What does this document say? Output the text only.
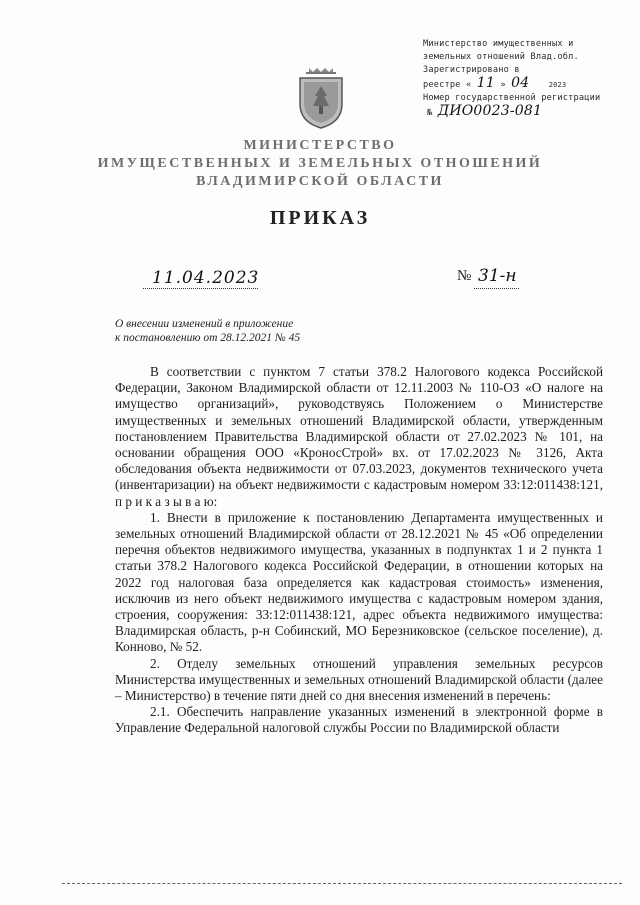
Министерство имущественных и
земельных отношений Влад.обл.
Зарегистрировано в
реестре « 11 » 04	2023
Номер государственной регистрации
№ ДИО0023-081
МИНИСТЕРСТВО
ИМУЩЕСТВЕННЫХ И ЗЕМЕЛЬНЫХ ОТНОШЕНИЙ
ВЛАДИМИРСКОЙ ОБЛАСТИ
ПРИКАЗ
11.04.2023	№ 31-н
О внесении изменений в приложение
к постановлению от 28.12.2021 № 45

В соответствии с пунктом 7 статьи 378.2 Налогового кодекса Российской Федерации, Законом Владимирской области от 12.11.2003 № 110-ОЗ «О налоге на имущество организаций», руководствуясь Положением о Министерстве имущественных и земельных отношений Владимирской области, утвержденным постановлением Правительства Владимирской области от 27.02.2023 № 101, на основании обращения ООО «КроносСтрой» вх. от 17.02.2023 № 3126, Акта обследования объекта недвижимости от 07.03.2023, документов технического учета (инвентаризации) на объект недвижимости с кадастровым номером 33:12:011438:121, п р и к а з ы в а ю:

1. Внести в приложение к постановлению Департамента имущественных и земельных отношений Владимирской области от 28.12.2021 № 45 «Об определении перечня объектов недвижимого имущества, указанных в подпунктах 1 и 2 пункта 1 статьи 378.2 Налогового кодекса Российской Федерации, в отношении которых на 2022 год налоговая база определяется как кадастровая стоимость» изменения, исключив из него объект недвижимого имущества с кадастровым номером здания, строения, сооружения: 33:12:011438:121, адрес объекта недвижимого имущества: Владимирская область, р-н Собинский, МО Березниковское (сельское поселение), д. Конново, № 52.

2. Отделу земельных отношений управления земельных ресурсов Министерства имущественных и земельных отношений Владимирской области (далее – Министерство) в течение пяти дней со дня внесения изменений в перечень:

2.1. Обеспечить направление указанных изменений в электронной форме в Управление Федеральной налоговой службы России по Владимирской области
